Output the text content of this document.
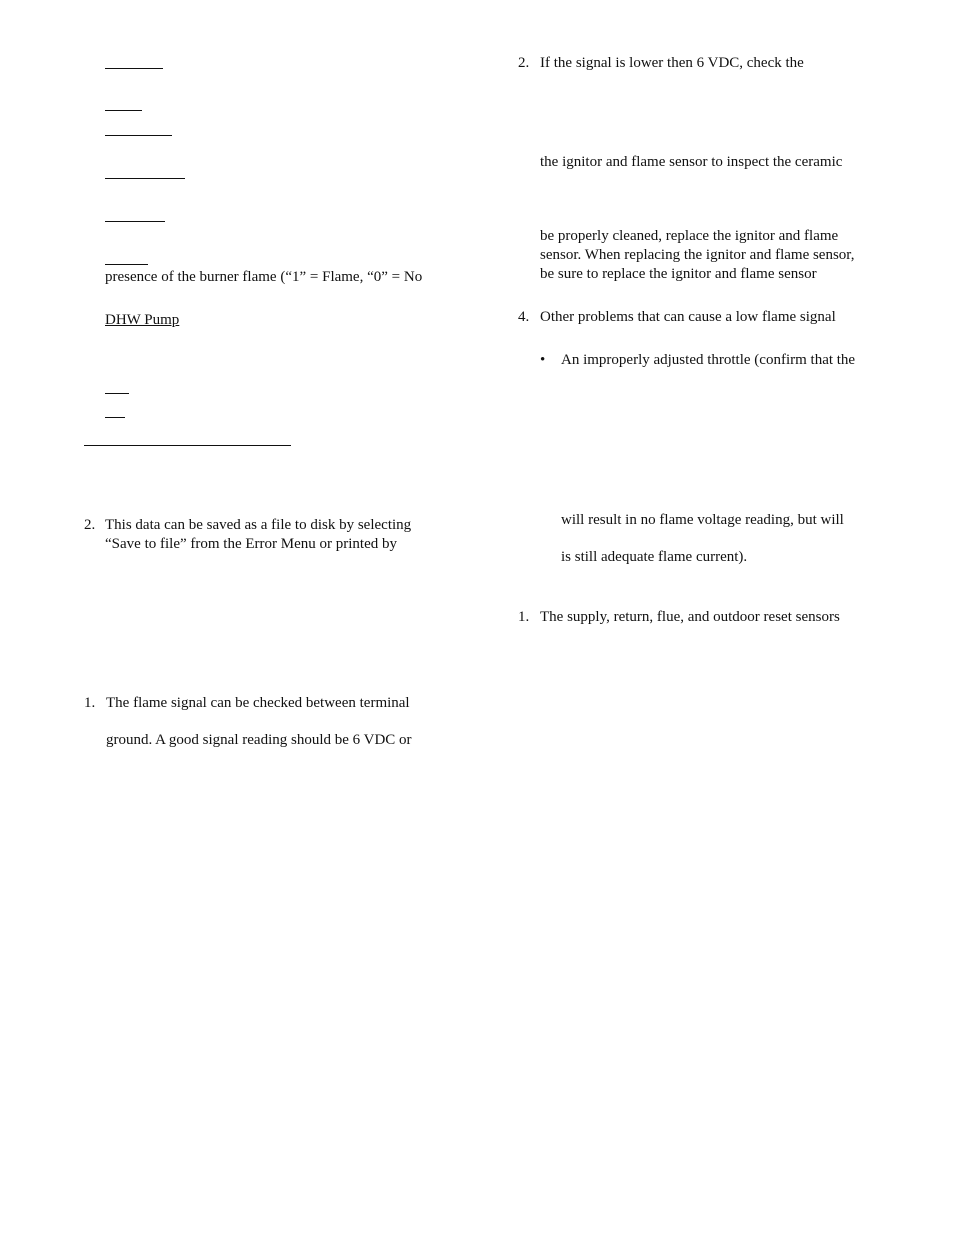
presence of the burner flame (“1” = Flame, “0” = No
DHW Pump
2. This data can be saved as a file to disk by selecting
“Save to file” from the Error Menu or printed by
1. The flame signal can be checked between terminal
ground. A good signal reading should be 6 VDC or
2. If the signal is lower then 6 VDC, check the
the ignitor and flame sensor to inspect the ceramic
be properly cleaned, replace the ignitor and flame
sensor. When replacing the ignitor and flame sensor,
be sure to replace the ignitor and flame sensor
4. Other problems that can cause a low flame signal
• An improperly adjusted throttle (confirm that the
will result in no flame voltage reading, but will
is still adequate flame current).
1. The supply, return, flue, and outdoor reset sensors
